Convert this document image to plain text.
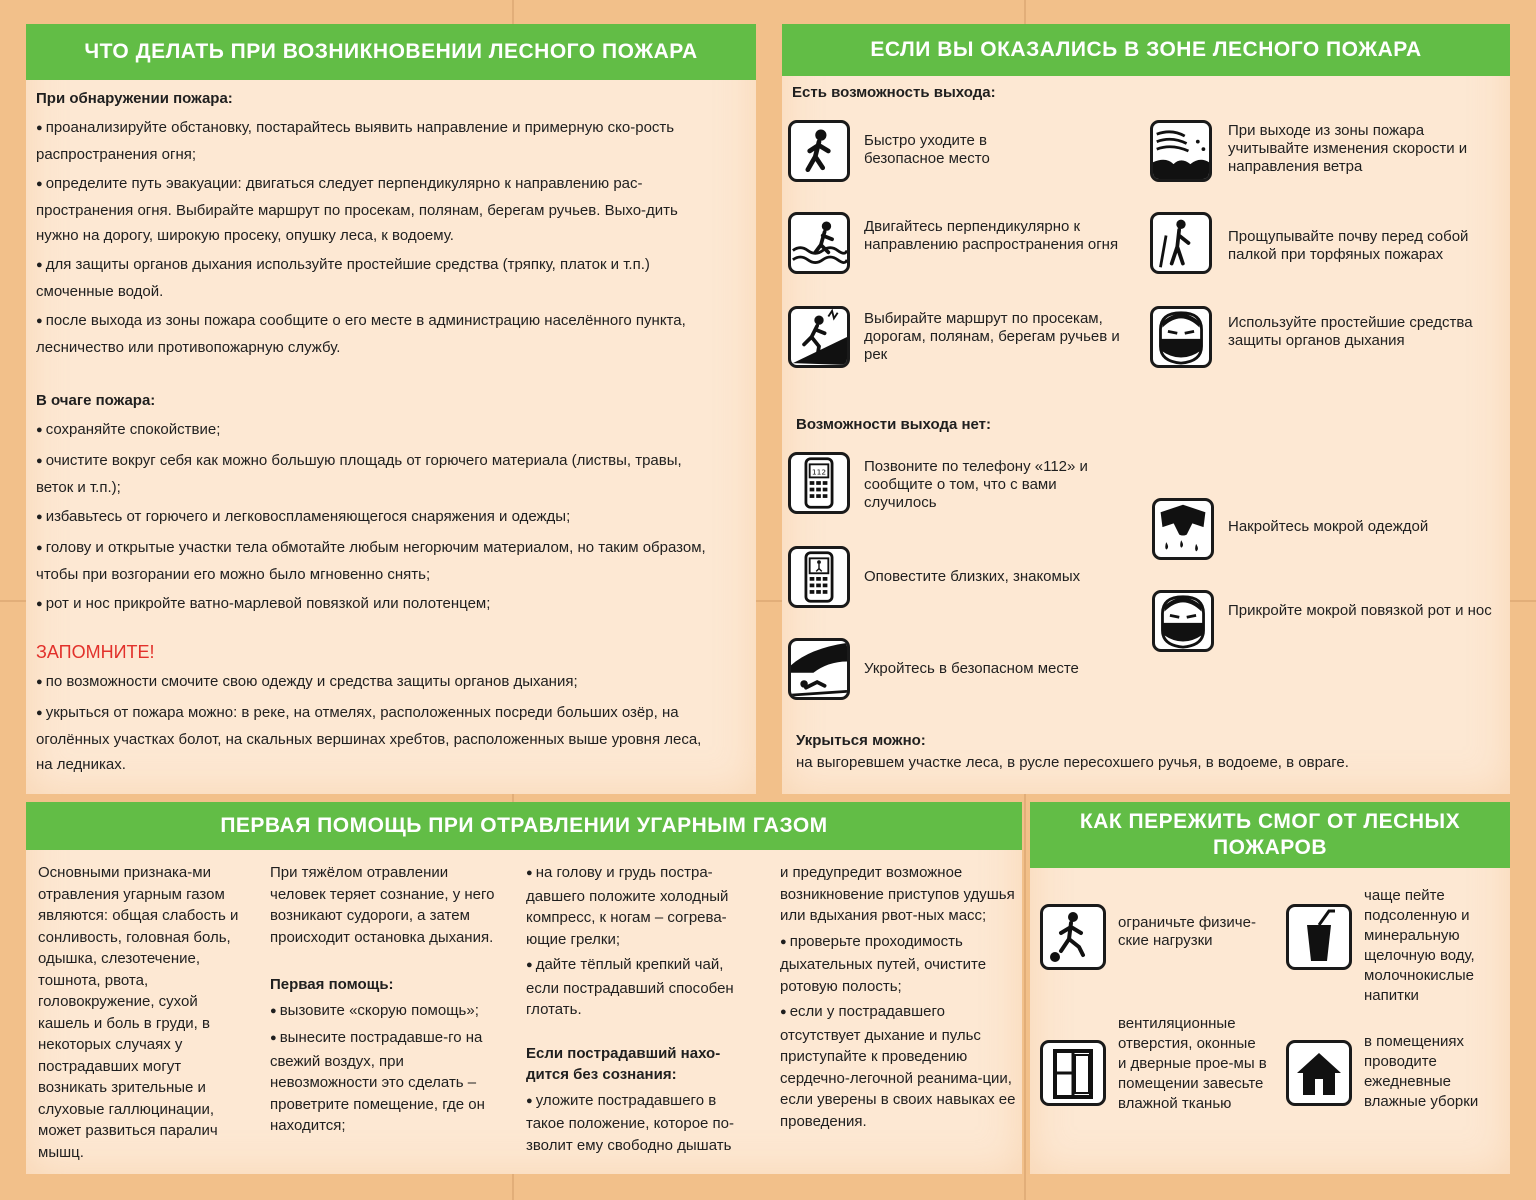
ЧТО ДЕЛАТЬ ПРИ ВОЗНИКНОВЕНИИ ЛЕСНОГО ПОЖАРА

При обнаружении пожара:

● проанализируйте обстановку, постарайтесь выявить направление и примерную ско-рость распространения огня;

● определите путь эвакуации: двигаться следует перпендикулярно к направлению рас-пространения огня. Выбирайте маршрут по просекам, полянам, берегам ручьев. Выхо-дить нужно на дорогу, широкую просеку, опушку леса, к водоему.

● для защиты органов дыхания используйте простейшие средства (тряпку, платок и т.п.) смоченные водой.

● после выхода из зоны пожара сообщите о его месте в администрацию населённого пункта, лесничество или противопожарную службу.

В очаге пожара:

● сохраняйте спокойствие;

● очистите вокруг себя как можно большую площадь от горючего материала (листвы, травы, веток и т.п.);

● избавьтесь от горючего и легковоспламеняющегося снаряжения и одежды;

● голову и открытые участки тела обмотайте любым негорючим материалом, но таким образом, чтобы при возгорании его можно было мгновенно снять;

● рот и нос прикройте ватно-марлевой повязкой или полотенцем;

ЗАПОМНИТЕ!

● по возможности смочите свою одежду и средства защиты органов дыхания;

● укрыться от пожара можно: в реке, на отмелях, расположенных посреди больших озёр, на оголённых участках болот, на скальных вершинах хребтов, расположенных выше уровня леса, на ледниках.

ЕСЛИ ВЫ ОКАЗАЛИСЬ В ЗОНЕ ЛЕСНОГО ПОЖАРА
Есть возможность выхода:
Быстро уходите в безопасное место
Двигайтесь перпендикулярно к направлению распространения огня
Выбирайте маршрут по просекам, дорогам, полянам, берегам ручьев и рек
При выходе из зоны пожара учитывайте изменения скорости и направления ветра
Прощупывайте почву перед собой палкой при торфяных пожарах
Используйте простейшие средства защиты органов дыхания
Возможности выхода нет:
112	Позвоните по телефону «112» и сообщите о том, что с вами случилось
Оповестите близких, знакомых
Укройтесь в безопасном месте
Накройтесь мокрой одеждой
Прикройте мокрой повязкой рот и нос
Укрыться можно:
на выгоревшем участке леса, в русле пересохшего ручья, в водоеме, в овраге.
ПЕРВАЯ ПОМОЩЬ ПРИ ОТРАВЛЕНИИ УГАРНЫМ ГАЗОМ

Основными признака-ми отравления угарным газом являются: общая слабость и сонливость, головная боль, одышка, слезотечение, тошнота, рвота, головокружение, сухой кашель и боль в груди, в некоторых случаях у пострадавших могут возникать зрительные и слуховые галлюцинации, может развиться паралич мышц.

При тяжёлом отравлении человек теряет сознание, у него возникают судороги, а затем происходит остановка дыхания.

Первая помощь:

● вызовите «скорую помощь»;

● вынесите пострадавше-го на свежий воздух, при невозможности это сделать – проветрите помещение, где он находится;

● на голову и грудь постра-давшего положите холодный компресс, к ногам – согрева-ющие грелки;

● дайте тёплый крепкий чай, если пострадавший способен глотать.

Если пострадавший нахо-дится без сознания:

● уложите пострадавшего в такое положение, которое по-зволит ему свободно дышать

и предупредит возможное возникновение приступов удушья или вдыхания рвот-ных масс;

● проверьте проходимость дыхательных путей, очистите ротовую полость;

● если у пострадавшего отсутствует дыхание и пульс приступайте к проведению сердечно-легочной реанима-ции, если уверены в своих навыках ее проведения.

КАК ПЕРЕЖИТЬ СМОГ ОТ ЛЕСНЫХ ПОЖАРОВ
ограничьте физиче-ские нагрузки
чаще пейте подсоленную и минеральную щелочную воду, молочнокислые напитки
вентиляционные отверстия, оконные и дверные прое-мы в помещении завесьте влажной тканью
в помещениях проводите ежедневные влажные уборки
